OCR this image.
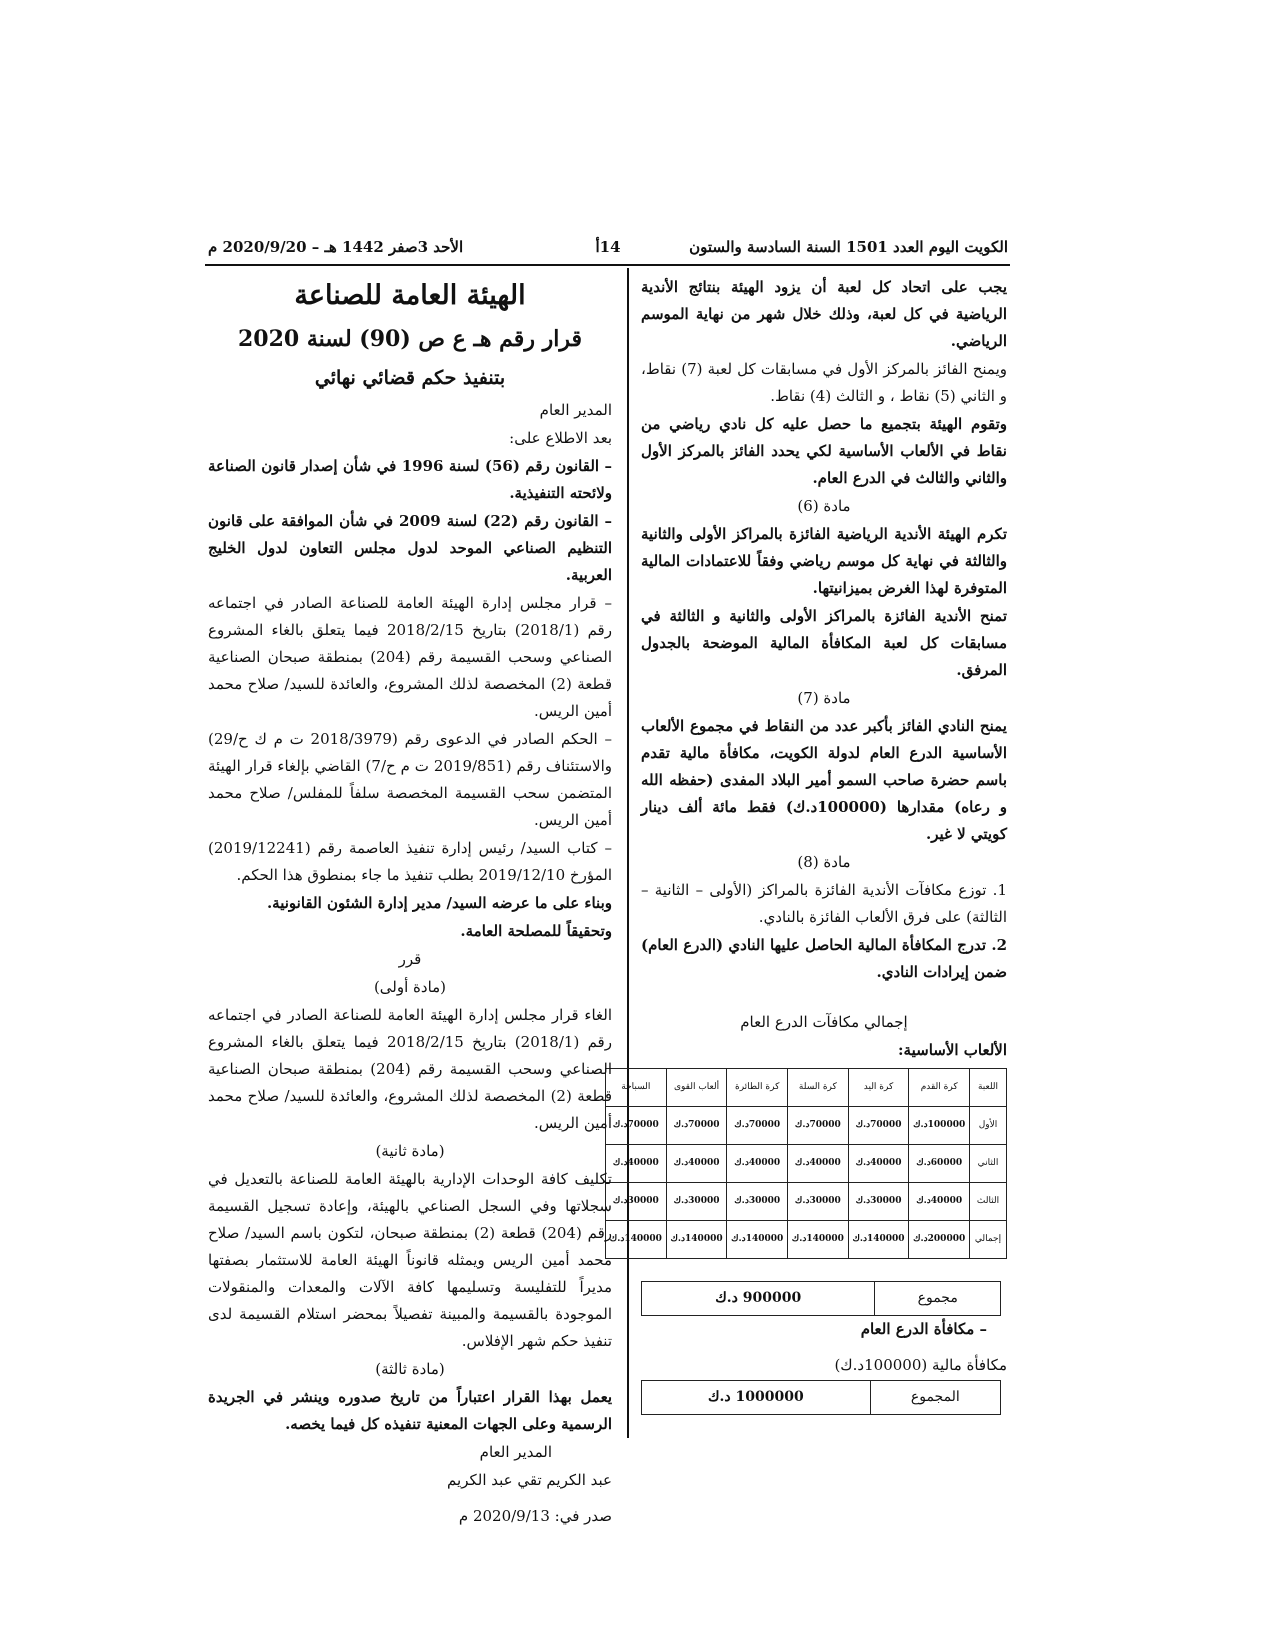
الكويت اليوم العدد 1501 السنة السادسة والستون
14أ
الأحد 3صفر 1442 هـ – 2020/9/20 م

يجب على اتحاد كل لعبة أن يزود الهيئة بنتائج الأندية الرياضية في كل لعبة، وذلك خلال شهر من نهاية الموسم الرياضي.

ويمنح الفائز بالمركز الأول في مسابقات كل لعبة (7) نقاط، و الثاني (5) نقاط ، و الثالث (4) نقاط.

وتقوم الهيئة بتجميع ما حصل عليه كل نادي رياضي من نقاط في الألعاب الأساسية لكي يحدد الفائز بالمركز الأول والثاني والثالث في الدرع العام.

مادة (6)

تكرم الهيئة الأندية الرياضية الفائزة بالمراكز الأولى والثانية والثالثة في نهاية كل موسم رياضي وفقاً للاعتمادات المالية المتوفرة لهذا الغرض بميزانيتها.

تمنح الأندية الفائزة بالمراكز الأولى والثانية و الثالثة في مسابقات كل لعبة المكافأة المالية الموضحة بالجدول المرفق.

مادة (7)

يمنح النادي الفائز بأكبر عدد من النقاط في مجموع الألعاب الأساسية الدرع العام لدولة الكويت، مكافأة مالية تقدم باسم حضرة صاحب السمو أمير البلاد المفدى (حفظه الله و رعاه) مقدارها (100000د.ك) فقط مائة ألف دينار كويتي لا غير.

مادة (8)

1. توزع مكافآت الأندية الفائزة بالمراكز (الأولى – الثانية – الثالثة) على فرق الألعاب الفائزة بالنادي.

2. تدرج المكافأة المالية الحاصل عليها النادي (الدرع العام) ضمن إيرادات النادي.

إجمالي مكافآت الدرع العام

الألعاب الأساسية:

اللعبة	كرة القدم	كرة اليد	كرة السلة	كرة الطائرة	ألعاب القوى	السباحة
الأول	100000د.ك	70000د.ك	70000د.ك	70000د.ك	70000د.ك	70000د.ك
الثاني	60000د.ك	40000د.ك	40000د.ك	40000د.ك	40000د.ك	40000د.ك
الثالث	40000د.ك	30000د.ك	30000د.ك	30000د.ك	30000د.ك	30000د.ك
إجمالي	200000د.ك	140000د.ك	140000د.ك	140000د.ك	140000د.ك	140000د.ك
مجموع	900000 د.ك

– مكافأة الدرع العام

مكافأة مالية (100000د.ك)

المجموع	1000000 د.ك

الهيئة العامة للصناعة

قرار رقم هـ ع ص (90) لسنة 2020

بتنفيذ حكم قضائي نهائي

المدير العام

بعد الاطلاع على:

– القانون رقم (56) لسنة 1996 في شأن إصدار قانون الصناعة ولائحته التنفيذية.

– القانون رقم (22) لسنة 2009 في شأن الموافقة على قانون التنظيم الصناعي الموحد لدول مجلس التعاون لدول الخليج العربية.

– قرار مجلس إدارة الهيئة العامة للصناعة الصادر في اجتماعه رقم (2018/1) بتاريخ 2018/2/15 فيما يتعلق بالغاء المشروع الصناعي وسحب القسيمة رقم (204) بمنطقة صبحان الصناعية قطعة (2) المخصصة لذلك المشروع، والعائدة للسيد/ صلاح محمد أمين الريس.

– الحكم الصادر في الدعوى رقم (2018/3979 ت م ك ح/29) والاستئناف رقم (2019/851 ت م ح/7) القاضي بإلغاء قرار الهيئة المتضمن سحب القسيمة المخصصة سلفاً للمفلس/ صلاح محمد أمين الريس.

– كتاب السيد/ رئيس إدارة تنفيذ العاصمة رقم (2019/12241) المؤرخ 2019/12/10 بطلب تنفيذ ما جاء بمنطوق هذا الحكم.

وبناء على ما عرضه السيد/ مدير إدارة الشئون القانونية.

وتحقيقاً للمصلحة العامة.

قرر

(مادة أولى)

الغاء قرار مجلس إدارة الهيئة العامة للصناعة الصادر في اجتماعه رقم (2018/1) بتاريخ 2018/2/15 فيما يتعلق بالغاء المشروع الصناعي وسحب القسيمة رقم (204) بمنطقة صبحان الصناعية قطعة (2) المخصصة لذلك المشروع، والعائدة للسيد/ صلاح محمد أمين الريس.

(مادة ثانية)

تكليف كافة الوحدات الإدارية بالهيئة العامة للصناعة بالتعديل في سجلاتها وفي السجل الصناعي بالهيئة، وإعادة تسجيل القسيمة رقم (204) قطعة (2) بمنطقة صبحان، لتكون باسم السيد/ صلاح محمد أمين الريس ويمثله قانوناً الهيئة العامة للاستثمار بصفتها مديراً للتفليسة وتسليمها كافة الآلات والمعدات والمنقولات الموجودة بالقسيمة والمبينة تفصيلاً بمحضر استلام القسيمة لدى تنفيذ حكم شهر الإفلاس.

(مادة ثالثة)

يعمل بهذا القرار اعتباراً من تاريخ صدوره وينشر في الجريدة الرسمية وعلى الجهات المعنية تنفيذه كل فيما يخصه.

المدير العام

عبد الكريم تقي عبد الكريم

صدر في: 2020/9/13 م
